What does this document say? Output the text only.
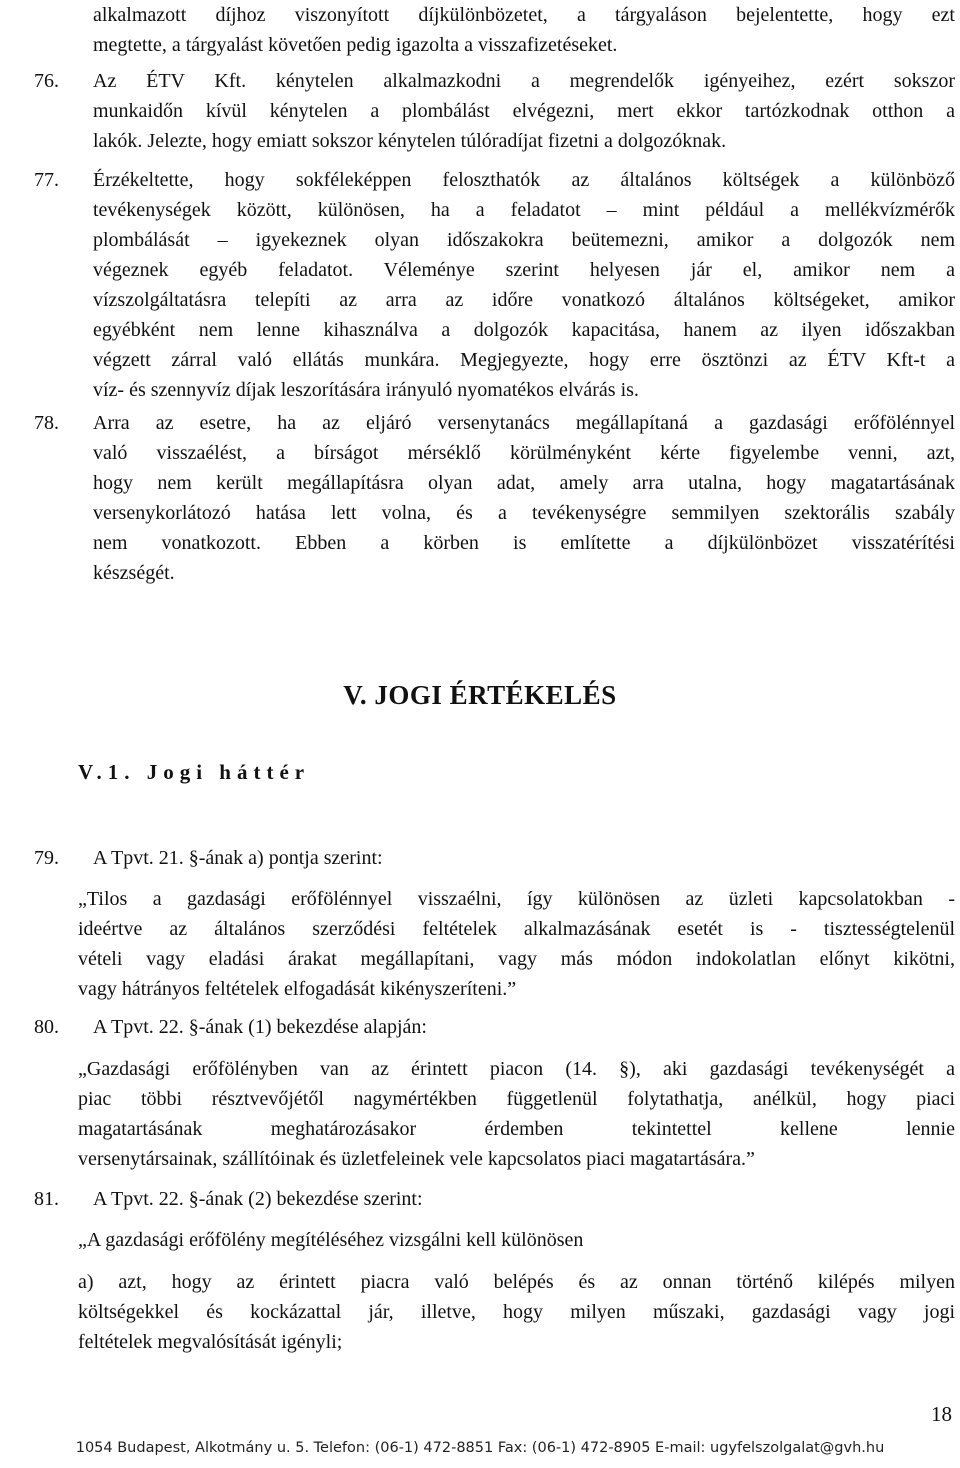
alkalmazott díjhoz viszonyított díjkülönbözetet, a tárgyaláson bejelentette, hogy ezt
megtette, a tárgyalást követően pedig igazolta a visszafizetéseket.
76. Az ÉTV Kft. kénytelen alkalmazkodni a megrendelők igényeihez, ezért sokszor
munkaidőn kívül kénytelen a plombálást elvégezni, mert ekkor tartózkodnak otthon a
lakók. Jelezte, hogy emiatt sokszor kénytelen túlóradíjat fizetni a dolgozóknak.
77. Érzékeltette, hogy sokféleképpen feloszthatók az általános költségek a különböző
tevékenységek között, különösen, ha a feladatot – mint például a mellékvízmérők
plombálását – igyekeznek olyan időszakokra beütemezni, amikor a dolgozók nem
végeznek egyéb feladatot. Véleménye szerint helyesen jár el, amikor nem a
vízszolgáltatásra telepíti az arra az időre vonatkozó általános költségeket, amikor
egyébként nem lenne kihasználva a dolgozók kapacitása, hanem az ilyen időszakban
végzett zárral való ellátás munkára. Megjegyezte, hogy erre ösztönzi az ÉTV Kft-t a
víz- és szennyvíz díjak leszorítására irányuló nyomatékos elvárás is.
78. Arra az esetre, ha az eljáró versenytanács megállapítaná a gazdasági erőfölénnyel
való visszaélést, a bírságot mérséklő körülményként kérte figyelembe venni, azt,
hogy nem került megállapításra olyan adat, amely arra utalna, hogy magatartásának
versenykorlátozó hatása lett volna, és a tevékenységre semmilyen szektorális szabály
nem vonatkozott. Ebben a körben is említette a díjkülönbözet visszatérítési
készségét.
V. JOGI ÉRTÉKELÉS
V.1. Jogi háttér
79. A Tpvt. 21. §-ának a) pontja szerint:
„Tilos a gazdasági erőfölénnyel visszaélni, így különösen az üzleti kapcsolatokban -
ideértve az általános szerződési feltételek alkalmazásának esetét is - tisztességtelenül
vételi vagy eladási árakat megállapítani, vagy más módon indokolatlan előnyt kikötni,
vagy hátrányos feltételek elfogadását kikényszeríteni.”
80. A Tpvt. 22. §-ának (1) bekezdése alapján:
„Gazdasági erőfölényben van az érintett piacon (14. §), aki gazdasági tevékenységét a
piac többi résztvevőjétől nagymértékben függetlenül folytathatja, anélkül, hogy piaci
magatartásának meghatározásakor érdemben tekintettel kellene lennie
versenytársainak, szállítóinak és üzletfeleinek vele kapcsolatos piaci magatartására.”
81. A Tpvt. 22. §-ának (2) bekezdése szerint:
„A gazdasági erőfölény megítéléséhez vizsgálni kell különösen
a) azt, hogy az érintett piacra való belépés és az onnan történő kilépés milyen
költségekkel és kockázattal jár, illetve, hogy milyen műszaki, gazdasági vagy jogi
feltételek megvalósítását igényli;
18
1054 Budapest, Alkotmány u. 5. Telefon: (06-1) 472-8851 Fax: (06-1) 472-8905 E-mail: ugyfelszolgalat@gvh.hu
